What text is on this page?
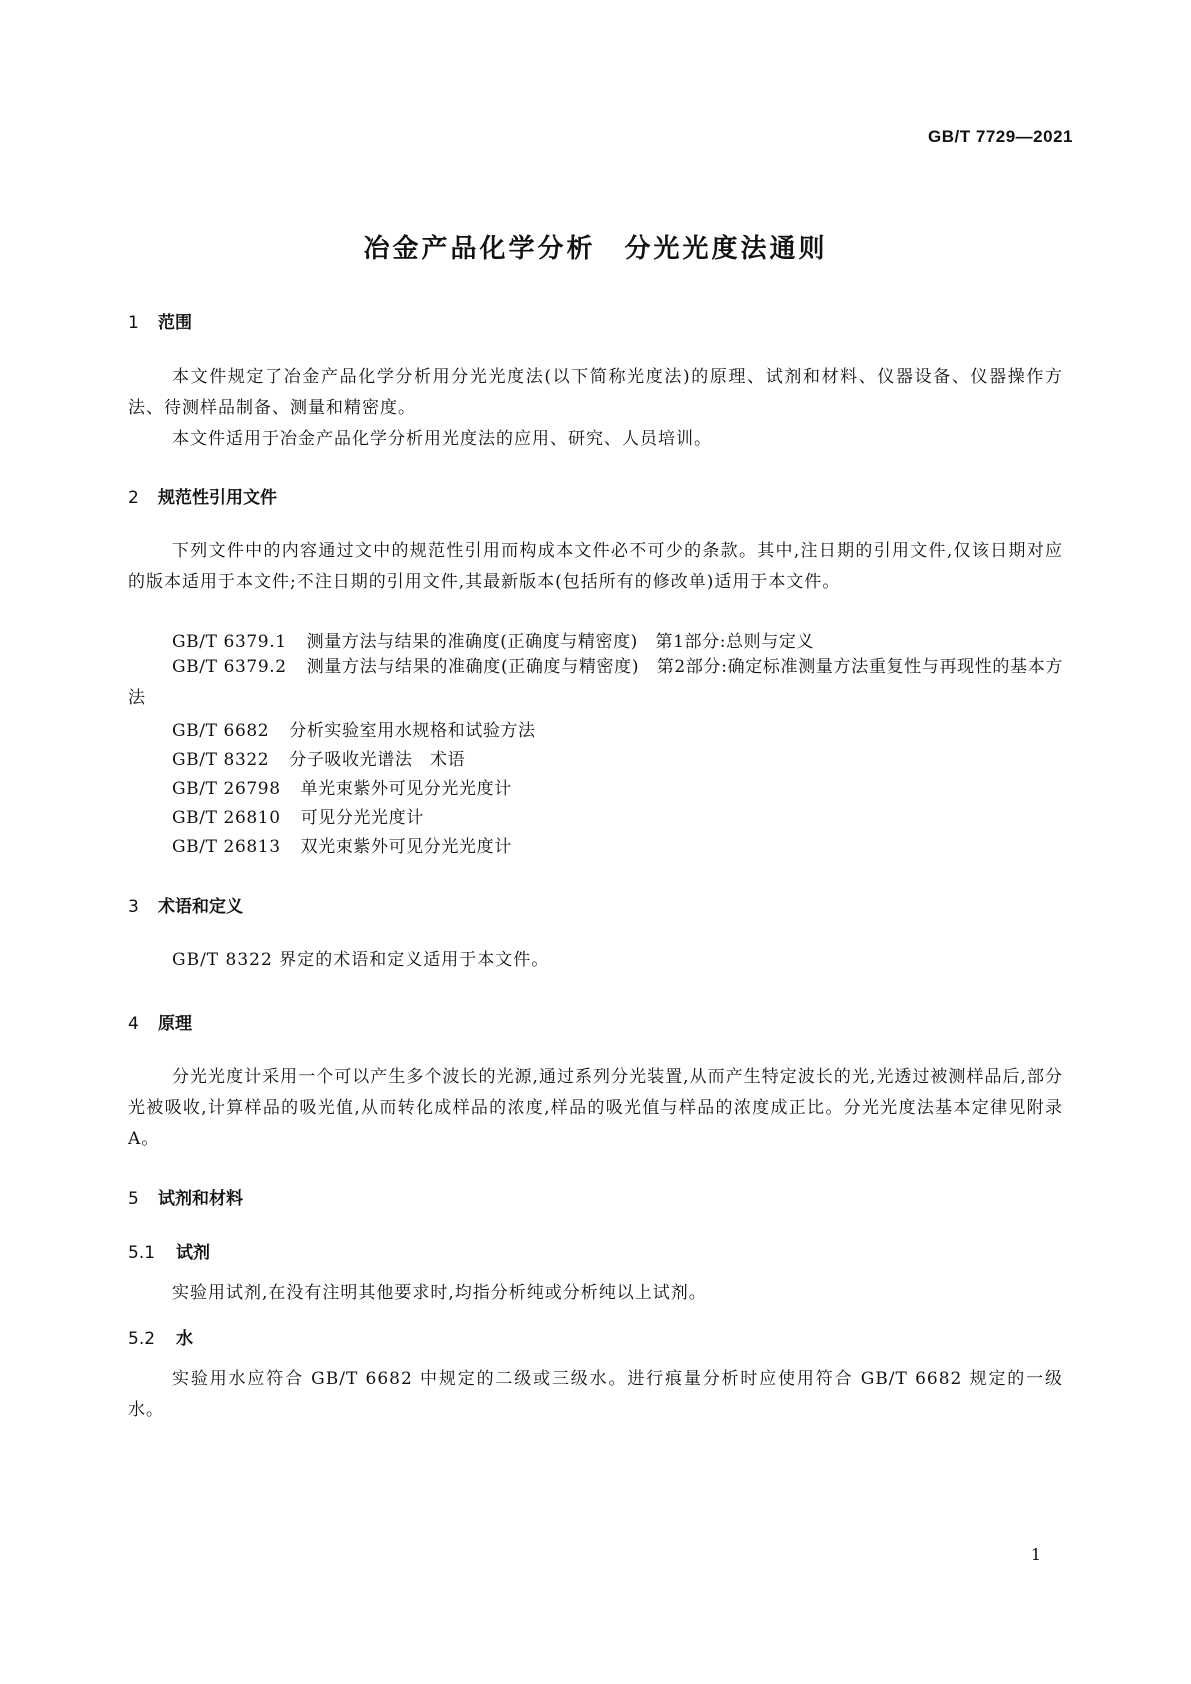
GB/T 7729—2021
冶金产品化学分析　分光光度法通则
1 范围
本文件规定了冶金产品化学分析用分光光度法(以下简称光度法)的原理、试剂和材料、仪器设备、仪器操作方法、待测样品制备、测量和精密度。
本文件适用于冶金产品化学分析用光度法的应用、研究、人员培训。
2 规范性引用文件
下列文件中的内容通过文中的规范性引用而构成本文件必不可少的条款。其中,注日期的引用文件,仅该日期对应的版本适用于本文件;不注日期的引用文件,其最新版本(包括所有的修改单)适用于本文件。
GB/T 6379.1 测量方法与结果的准确度(正确度与精密度)　第1部分:总则与定义
GB/T 6379.2 测量方法与结果的准确度(正确度与精密度)　第2部分:确定标准测量方法重复性与再现性的基本方法
GB/T 6682 分析实验室用水规格和试验方法
GB/T 8322 分子吸收光谱法　术语
GB/T 26798 单光束紫外可见分光光度计
GB/T 26810 可见分光光度计
GB/T 26813 双光束紫外可见分光光度计
3 术语和定义
GB/T 8322 界定的术语和定义适用于本文件。
4 原理
分光光度计采用一个可以产生多个波长的光源,通过系列分光装置,从而产生特定波长的光,光透过被测样品后,部分光被吸收,计算样品的吸光值,从而转化成样品的浓度,样品的吸光值与样品的浓度成正比。分光光度法基本定律见附录 A。
5 试剂和材料
5.1 试剂
实验用试剂,在没有注明其他要求时,均指分析纯或分析纯以上试剂。
5.2 水
实验用水应符合 GB/T 6682 中规定的二级或三级水。进行痕量分析时应使用符合 GB/T 6682 规定的一级水。
1
